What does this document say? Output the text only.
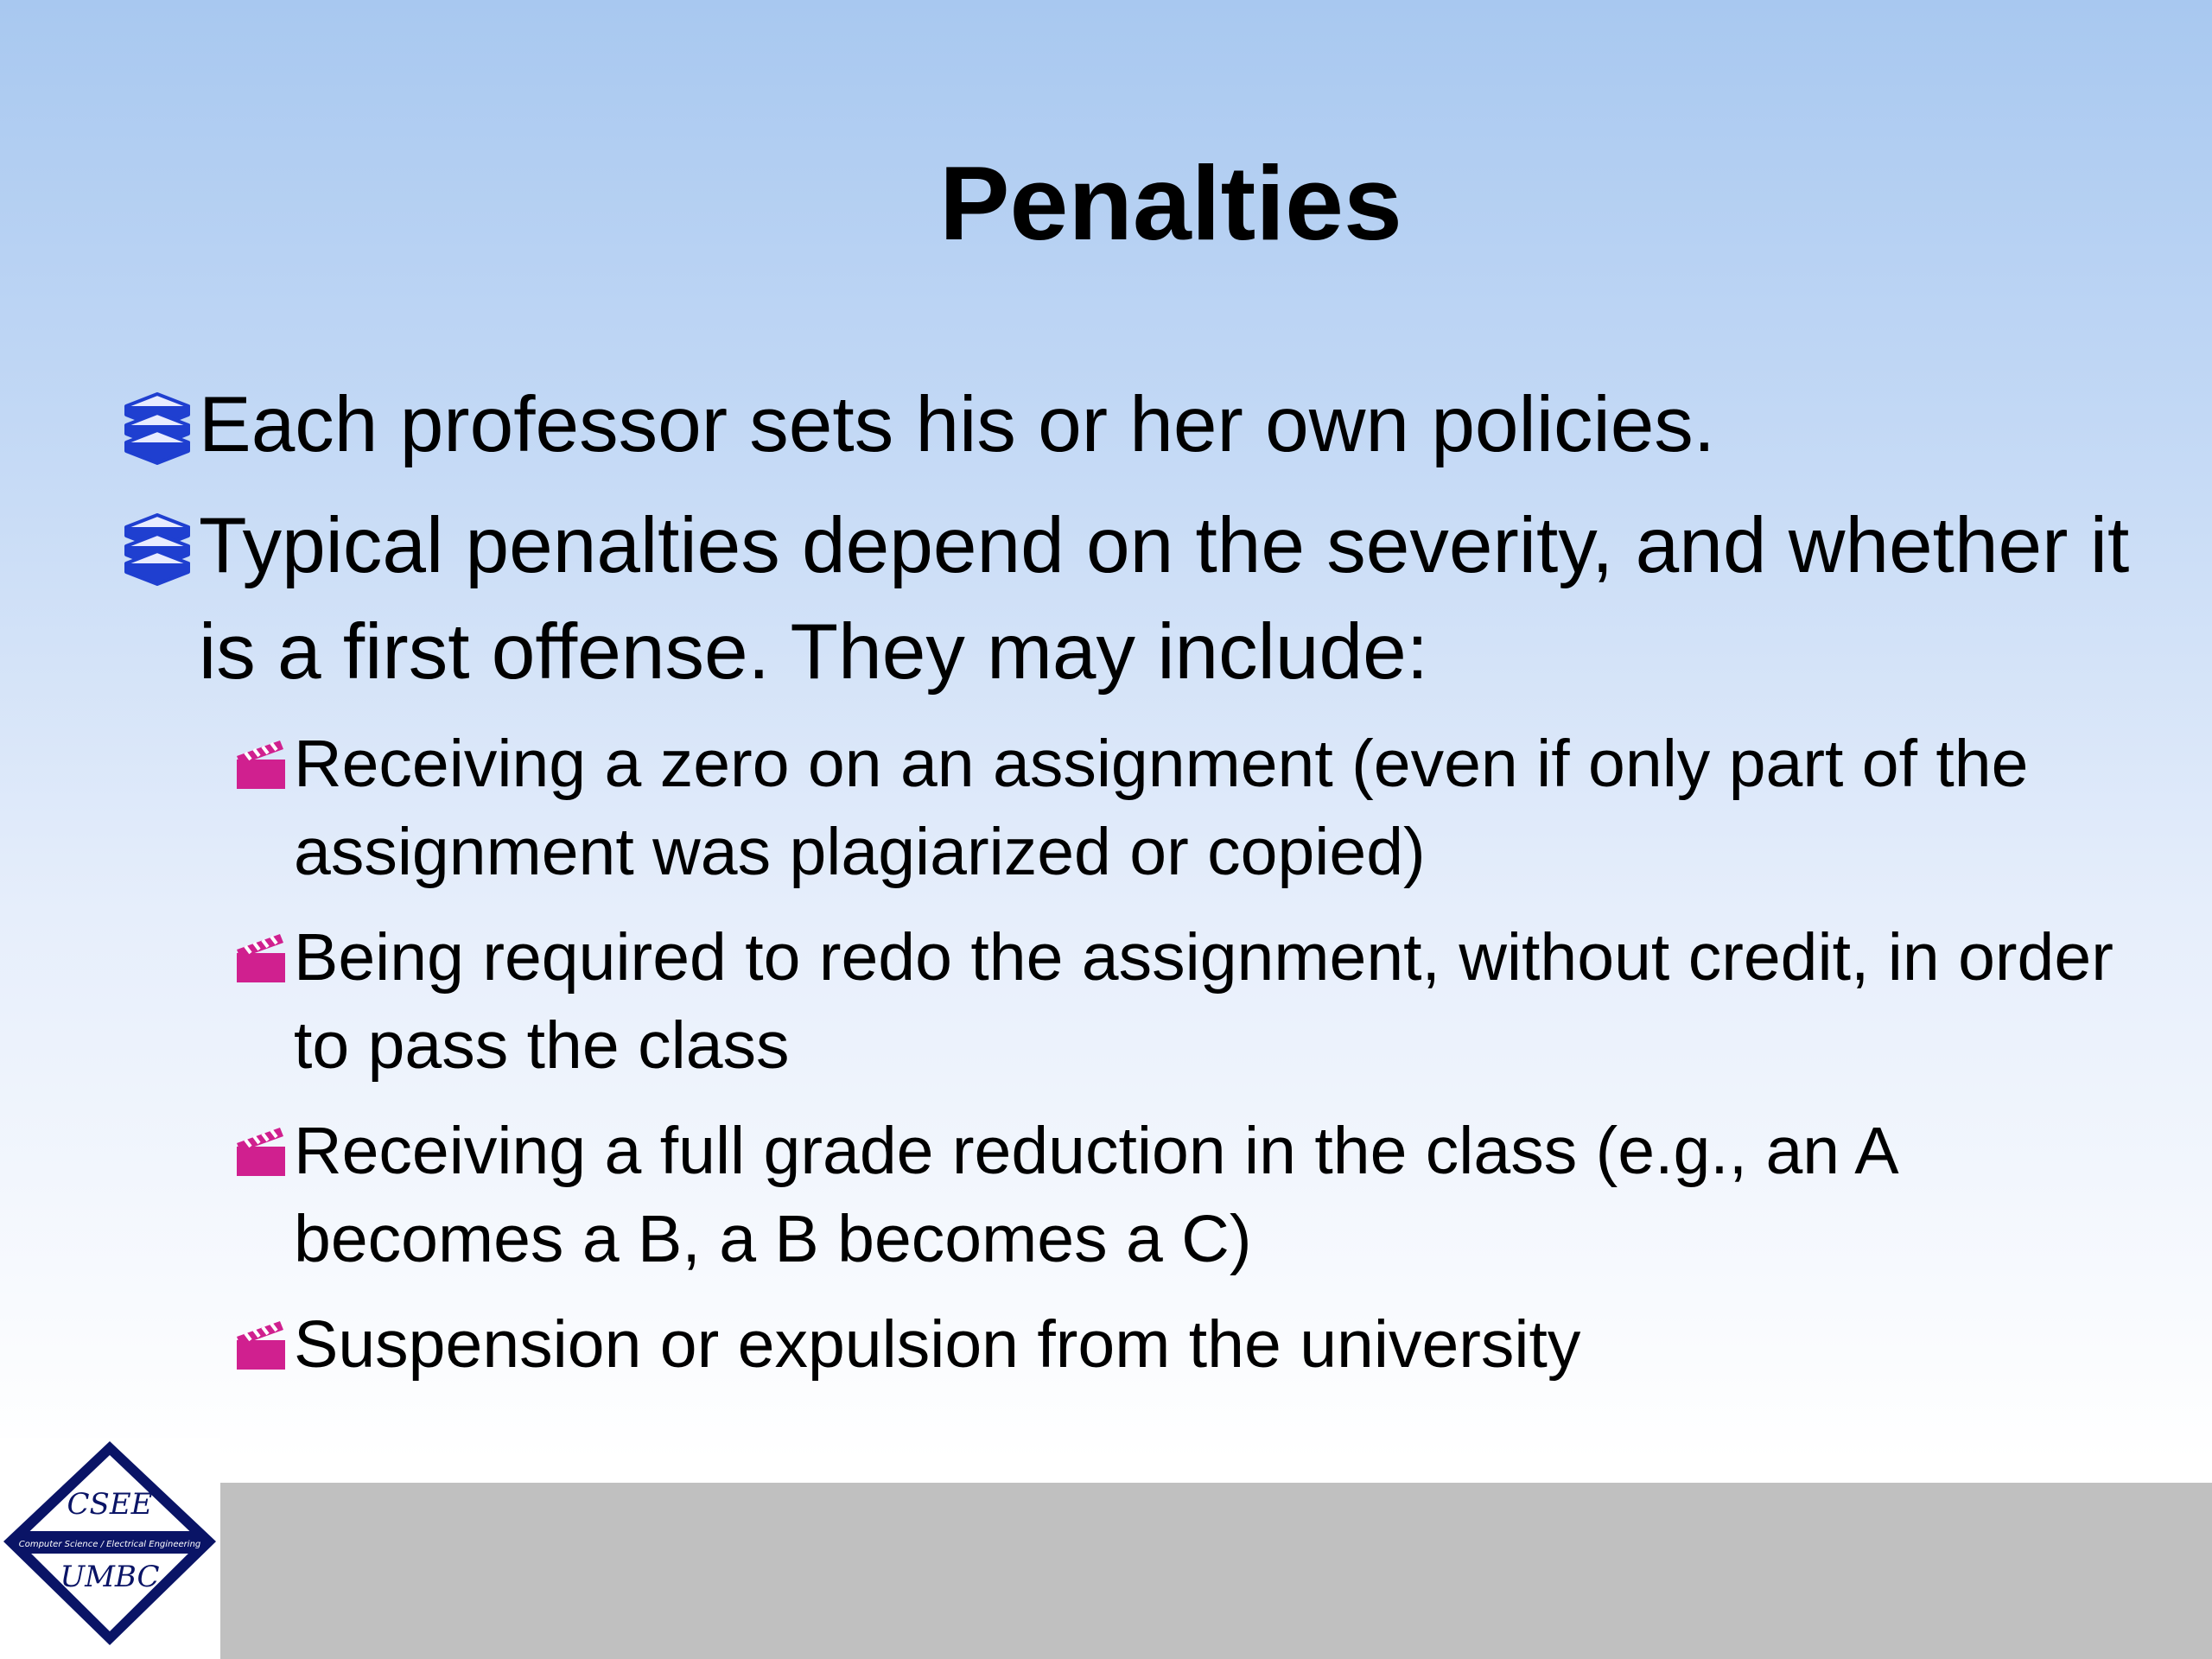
Penalties
Each professor sets his or her own policies.
Typical penalties depend on the severity, and whether it is a first offense. They may include:
Receiving a zero on an assignment (even if only part of the assignment was plagiarized or copied)
Being required to redo the assignment, without credit, in order to pass the class
Receiving a full grade reduction in the class (e.g., an A becomes a B, a B becomes a C)
Suspension or expulsion from the university
CSEE
Computer Science / Electrical Engineering
UMBC
